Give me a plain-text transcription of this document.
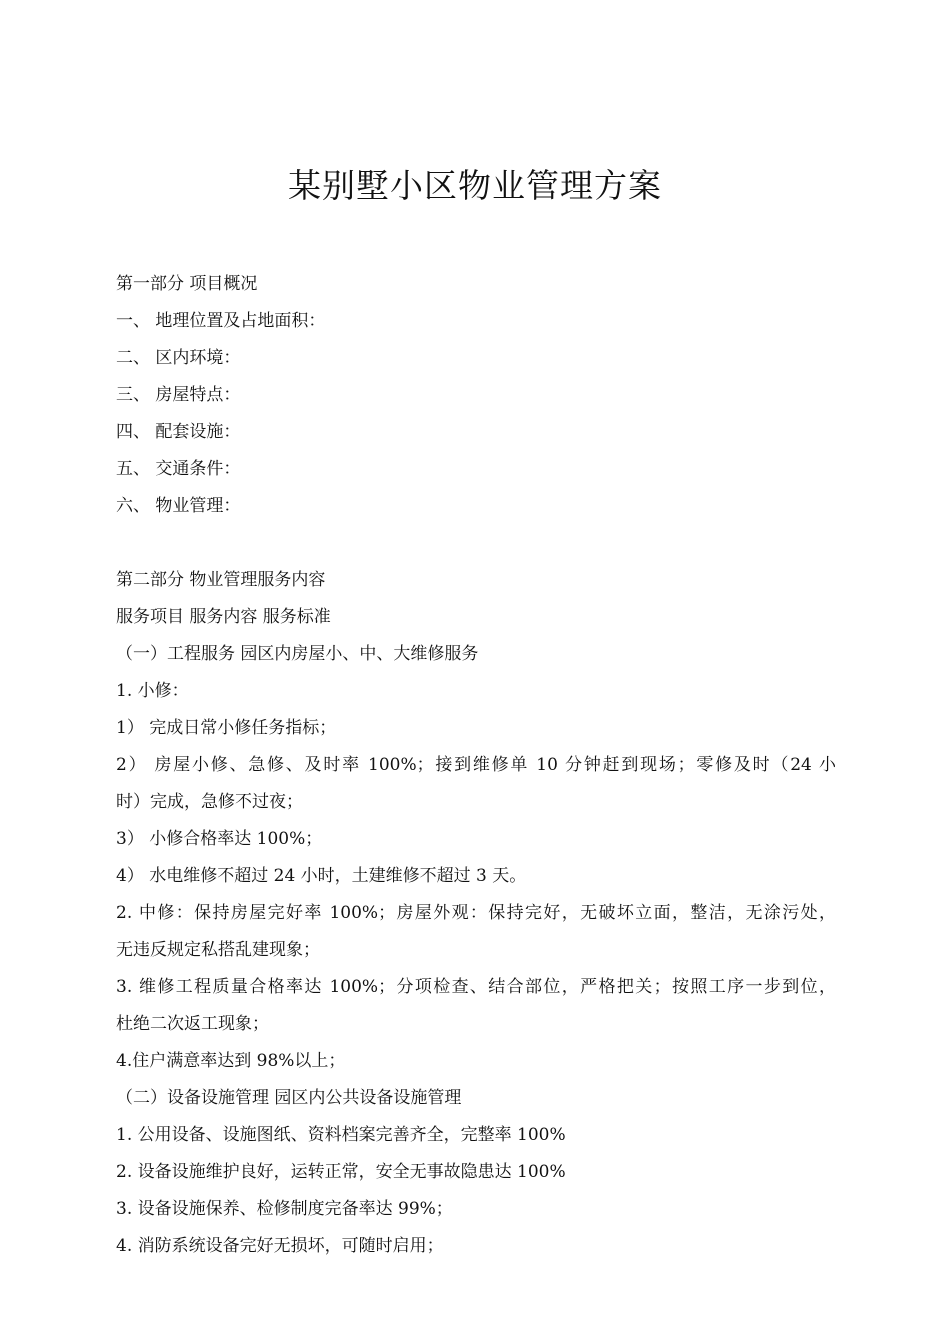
某别墅小区物业管理方案

第一部分 项目概况

一、 地理位置及占地面积：

二、 区内环境：

三、 房屋特点：

四、 配套设施：

五、 交通条件：

六、 物业管理：

第二部分 物业管理服务内容

服务项目 服务内容 服务标准

（一）工程服务 园区内房屋小、中、大维修服务

1. 小修：

1） 完成日常小修任务指标；

2） 房屋小修、急修、及时率 100%；接到维修单 10 分钟赶到现场；零修及时（24 小

时）完成，急修不过夜；

3） 小修合格率达 100%；

4） 水电维修不超过 24 小时，土建维修不超过 3 天。

2. 中修：保持房屋完好率 100%；房屋外观：保持完好，无破坏立面，整洁，无涂污处，

无违反规定私搭乱建现象；

3. 维修工程质量合格率达 100%；分项检查、结合部位，严格把关；按照工序一步到位，

杜绝二次返工现象；

4.住户满意率达到 98%以上；

（二）设备设施管理 园区内公共设备设施管理

1. 公用设备、设施图纸、资料档案完善齐全，完整率 100%

2. 设备设施维护良好，运转正常，安全无事故隐患达 100%

3. 设备设施保养、检修制度完备率达 99%；

4. 消防系统设备完好无损坏，可随时启用；
